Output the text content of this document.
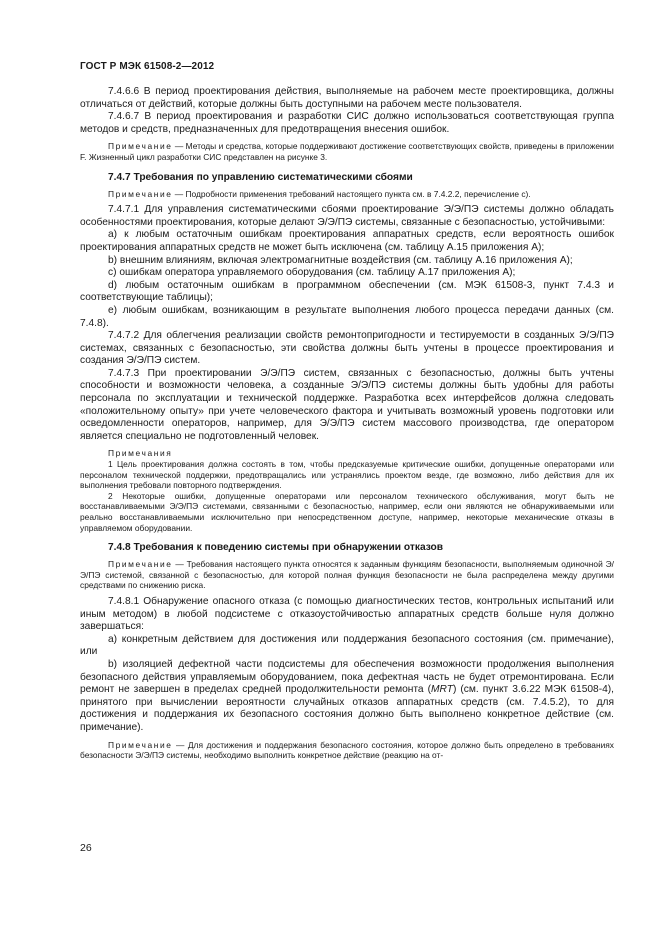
ГОСТ Р МЭК 61508-2—2012

7.4.6.6 В период проектирования действия, выполняемые на рабочем месте проектировщика, должны отличаться от действий, которые должны быть доступными на рабочем месте пользователя.

7.4.6.7 В период проектирования и разработки СИС должно использоваться соответствующая группа методов и средств, предназначенных для предотвращения внесения ошибок.

Примечание — Методы и средства, которые поддерживают достижение соответствующих свойств, приведены в приложении F. Жизненный цикл разработки СИС представлен на рисунке 3.

7.4.7 Требования по управлению систематическими сбоями

Примечание — Подробности применения требований настоящего пункта см. в 7.4.2.2, перечисление с).

7.4.7.1 Для управления систематическими сбоями проектирование Э/Э/ПЭ системы должно обладать особенностями проектирования, которые делают Э/Э/ПЭ системы, связанные с безопасностью, устойчивыми:

a) к любым остаточным ошибкам проектирования аппаратных средств, если вероятность ошибок проектирования аппаратных средств не может быть исключена (см. таблицу А.15 приложения А);

b) внешним влияниям, включая электромагнитные воздействия (см. таблицу А.16 приложения А);

c) ошибкам оператора управляемого оборудования (см. таблицу А.17 приложения А);

d) любым остаточным ошибкам в программном обеспечении (см. МЭК 61508-3, пункт 7.4.3 и соответствующие таблицы);

e) любым ошибкам, возникающим в результате выполнения любого процесса передачи данных (см. 7.4.8).

7.4.7.2 Для облегчения реализации свойств ремонтопригодности и тестируемости в созданных Э/Э/ПЭ системах, связанных с безопасностью, эти свойства должны быть учтены в процессе проектирования и создания Э/Э/ПЭ систем.

7.4.7.3 При проектировании Э/Э/ПЭ систем, связанных с безопасностью, должны быть учтены способности и возможности человека, а созданные Э/Э/ПЭ системы должны быть удобны для работы персонала по эксплуатации и технической поддержке. Разработка всех интерфейсов должна следовать «положительному опыту» при учете человеческого фактора и учитывать возможный уровень подготовки или осведомленности операторов, например, для Э/Э/ПЭ систем массового производства, где оператором является специально не подготовленный человек.

Примечания

1 Цель проектирования должна состоять в том, чтобы предсказуемые критические ошибки, допущенные операторами или персоналом технической поддержки, предотвращались или устранялись проектом везде, где возможно, либо действия для их выполнения требовали повторного подтверждения.

2 Некоторые ошибки, допущенные операторами или персоналом технического обслуживания, могут быть не восстанавливаемыми Э/Э/ПЭ системами, связанными с безопасностью, например, если они являются не обнаруживаемыми или реально восстанавливаемыми исключительно при непосредственном доступе, например, некоторые механические отказы в управляемом оборудовании.

7.4.8 Требования к поведению системы при обнаружении отказов

Примечание — Требования настоящего пункта относятся к заданным функциям безопасности, выполняемым одиночной Э/Э/ПЭ системой, связанной с безопасностью, для которой полная функция безопасности не была распределена между другими средствами по снижению риска.

7.4.8.1 Обнаружение опасного отказа (с помощью диагностических тестов, контрольных испытаний или иным методом) в любой подсистеме с отказоустойчивостью аппаратных средств больше нуля должно завершаться:

a) конкретным действием для достижения или поддержания безопасного состояния (см. примечание), или

b) изоляцией дефектной части подсистемы для обеспечения возможности продолжения выполнения безопасного действия управляемым оборудованием, пока дефектная часть не будет отремонтирована. Если ремонт не завершен в пределах средней продолжительности ремонта (MRT) (см. пункт 3.6.22 МЭК 61508-4), принятого при вычислении вероятности случайных отказов аппаратных средств (см. 7.4.5.2), то для достижения и поддержания их безопасного состояния должно быть выполнено конкретное действие (см. примечание).

Примечание — Для достижения и поддержания безопасного состояния, которое должно быть определено в требованиях безопасности Э/Э/ПЭ системы, необходимо выполнить конкретное действие (реакцию на от-

26
